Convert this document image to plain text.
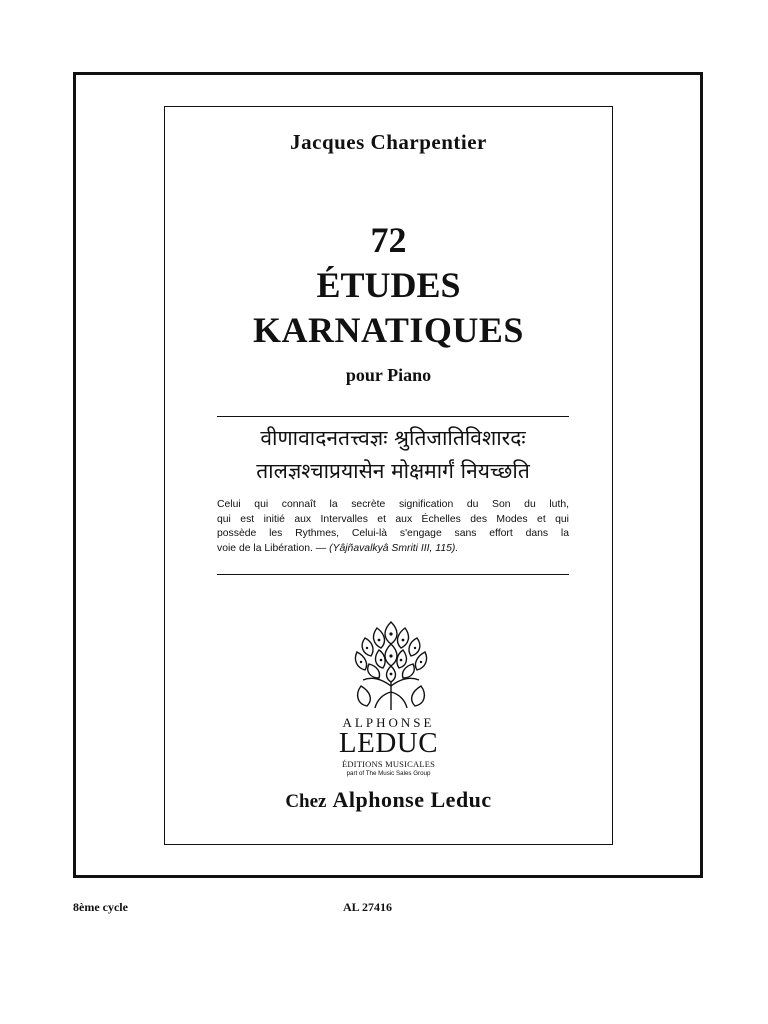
Jacques Charpentier

72

ÉTUDES

KARNATIQUES

pour Piano

वीणावादनतत्त्वज्ञः श्रुतिजातिविशारदः
तालज्ञश्चाप्रयासेन मोक्षमार्गं नियच्छति
Celui qui connaît la secrète signification du Son du luth,
qui est initié aux Intervalles et aux Échelles des Modes et qui
possède les Rythmes, Celui-là s'engage sans effort dans la
voie de la Libération. — (Yâjñavalkyâ Smriti III, 115).
ALPHONSE
LEDUC
ÉDITIONS MUSICALES
part of The Music Sales Group
Chez Alphonse Leduc
8ème cycle	AL 27416
